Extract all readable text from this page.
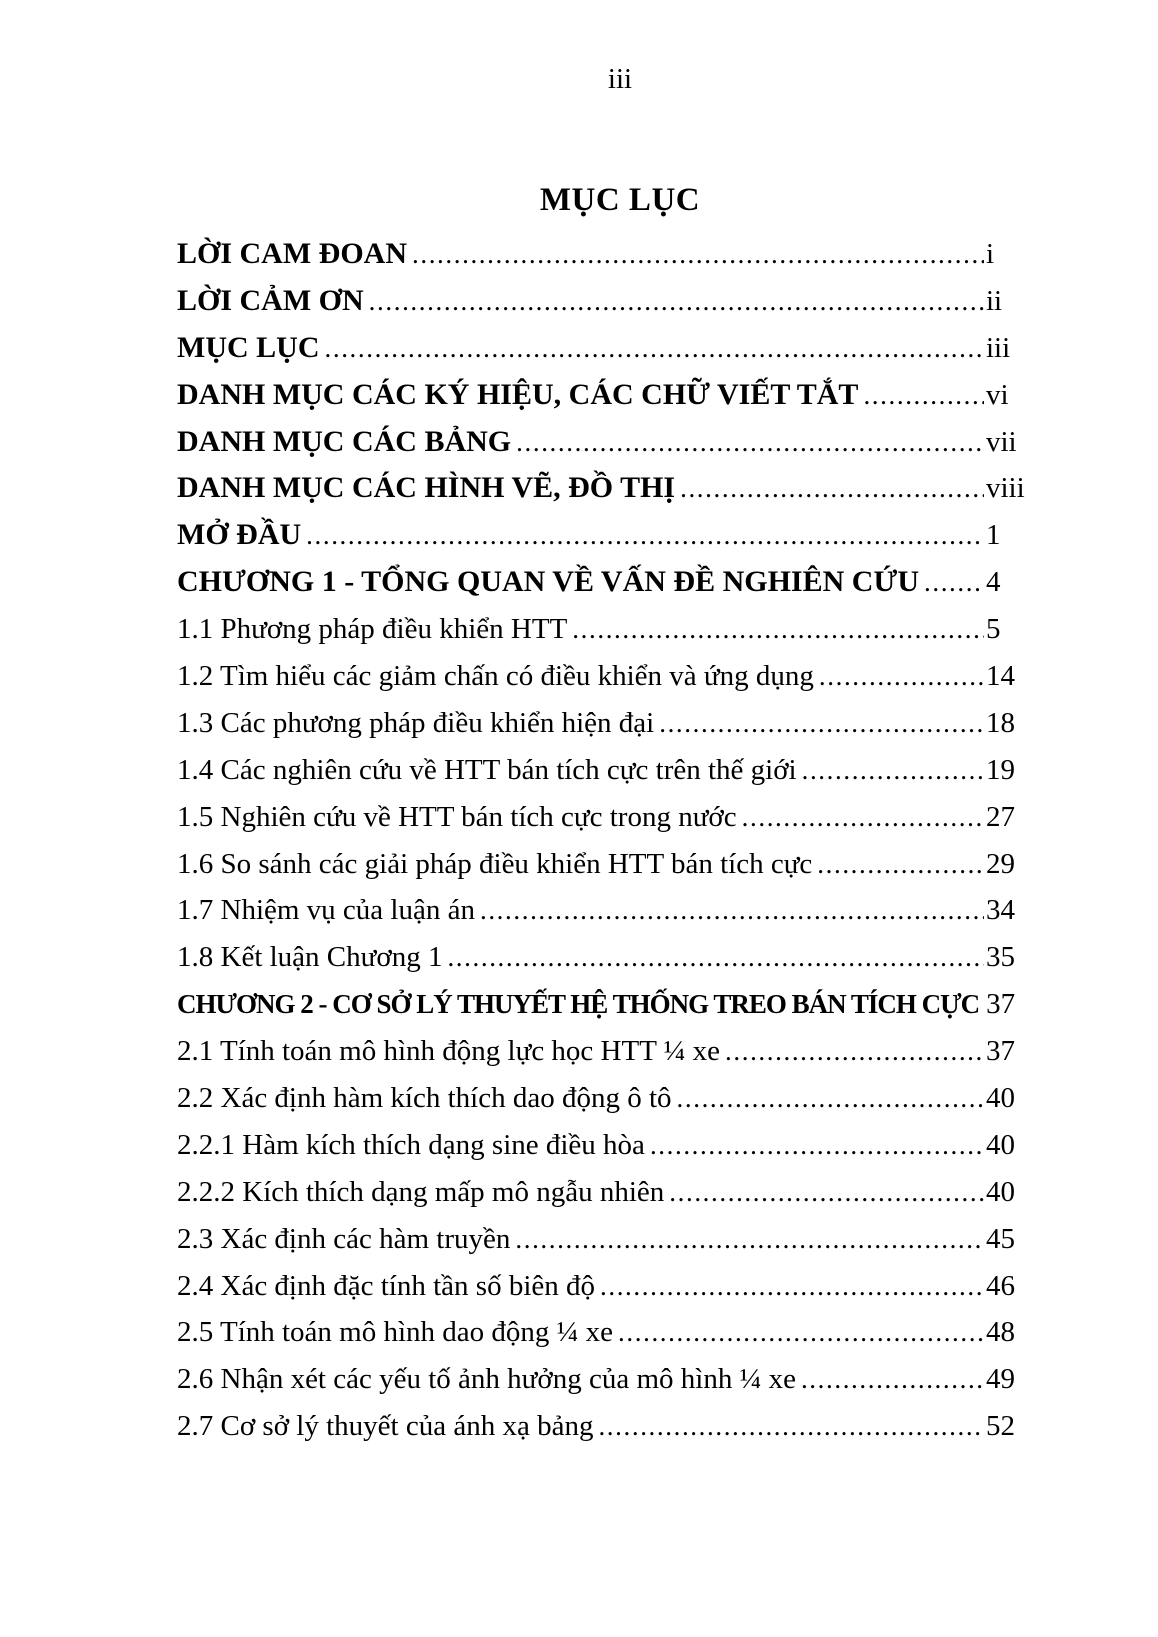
iii
MỤC LỤC
LỜI CAM ĐOAN .....	i
LỜI CẢM ƠN .....	ii
MỤC LỤC .....	iii
DANH MỤC CÁC KÝ HIỆU, CÁC CHỮ VIẾT TẮT .....	vi
DANH MỤC CÁC BẢNG .....	vii
DANH MỤC CÁC HÌNH VẼ, ĐỒ THỊ .....	viii
MỞ ĐẦU .....	1
CHƯƠNG 1 - TỔNG QUAN VỀ VẤN ĐỀ NGHIÊN CỨU ..... 4
1.1 Phương pháp điều khiển HTT .....	5
1.2 Tìm hiểu các giảm chấn có điều khiển và ứng dụng .....	14
1.3 Các phương pháp điều khiển hiện đại .....	18
1.4 Các nghiên cứu về HTT bán tích cực trên thế giới .....	19
1.5 Nghiên cứu về HTT bán tích cực trong nước .....	27
1.6 So sánh các giải pháp điều khiển HTT bán tích cực .....	29
1.7 Nhiệm vụ của luận án .....	34
1.8 Kết luận Chương 1 .....	35
CHƯƠNG 2 - CƠ SỞ LÝ THUYẾT HỆ THỐNG TREO BÁN TÍCH CỰC 37
2.1 Tính toán mô hình động lực học HTT ¼ xe .....	37
2.2 Xác định hàm kích thích dao động ô tô .....	40
2.2.1 Hàm kích thích dạng sine điều hòa .....	40
2.2.2 Kích thích dạng mấp mô ngẫu nhiên .....	40
2.3 Xác định các hàm truyền .....	45
2.4 Xác định đặc tính tần số biên độ .....	46
2.5 Tính toán mô hình dao động ¼ xe .....	48
2.6 Nhận xét các yếu tố ảnh hưởng của mô hình ¼ xe .....	49
2.7 Cơ sở lý thuyết của ánh xạ bảng .....	52
